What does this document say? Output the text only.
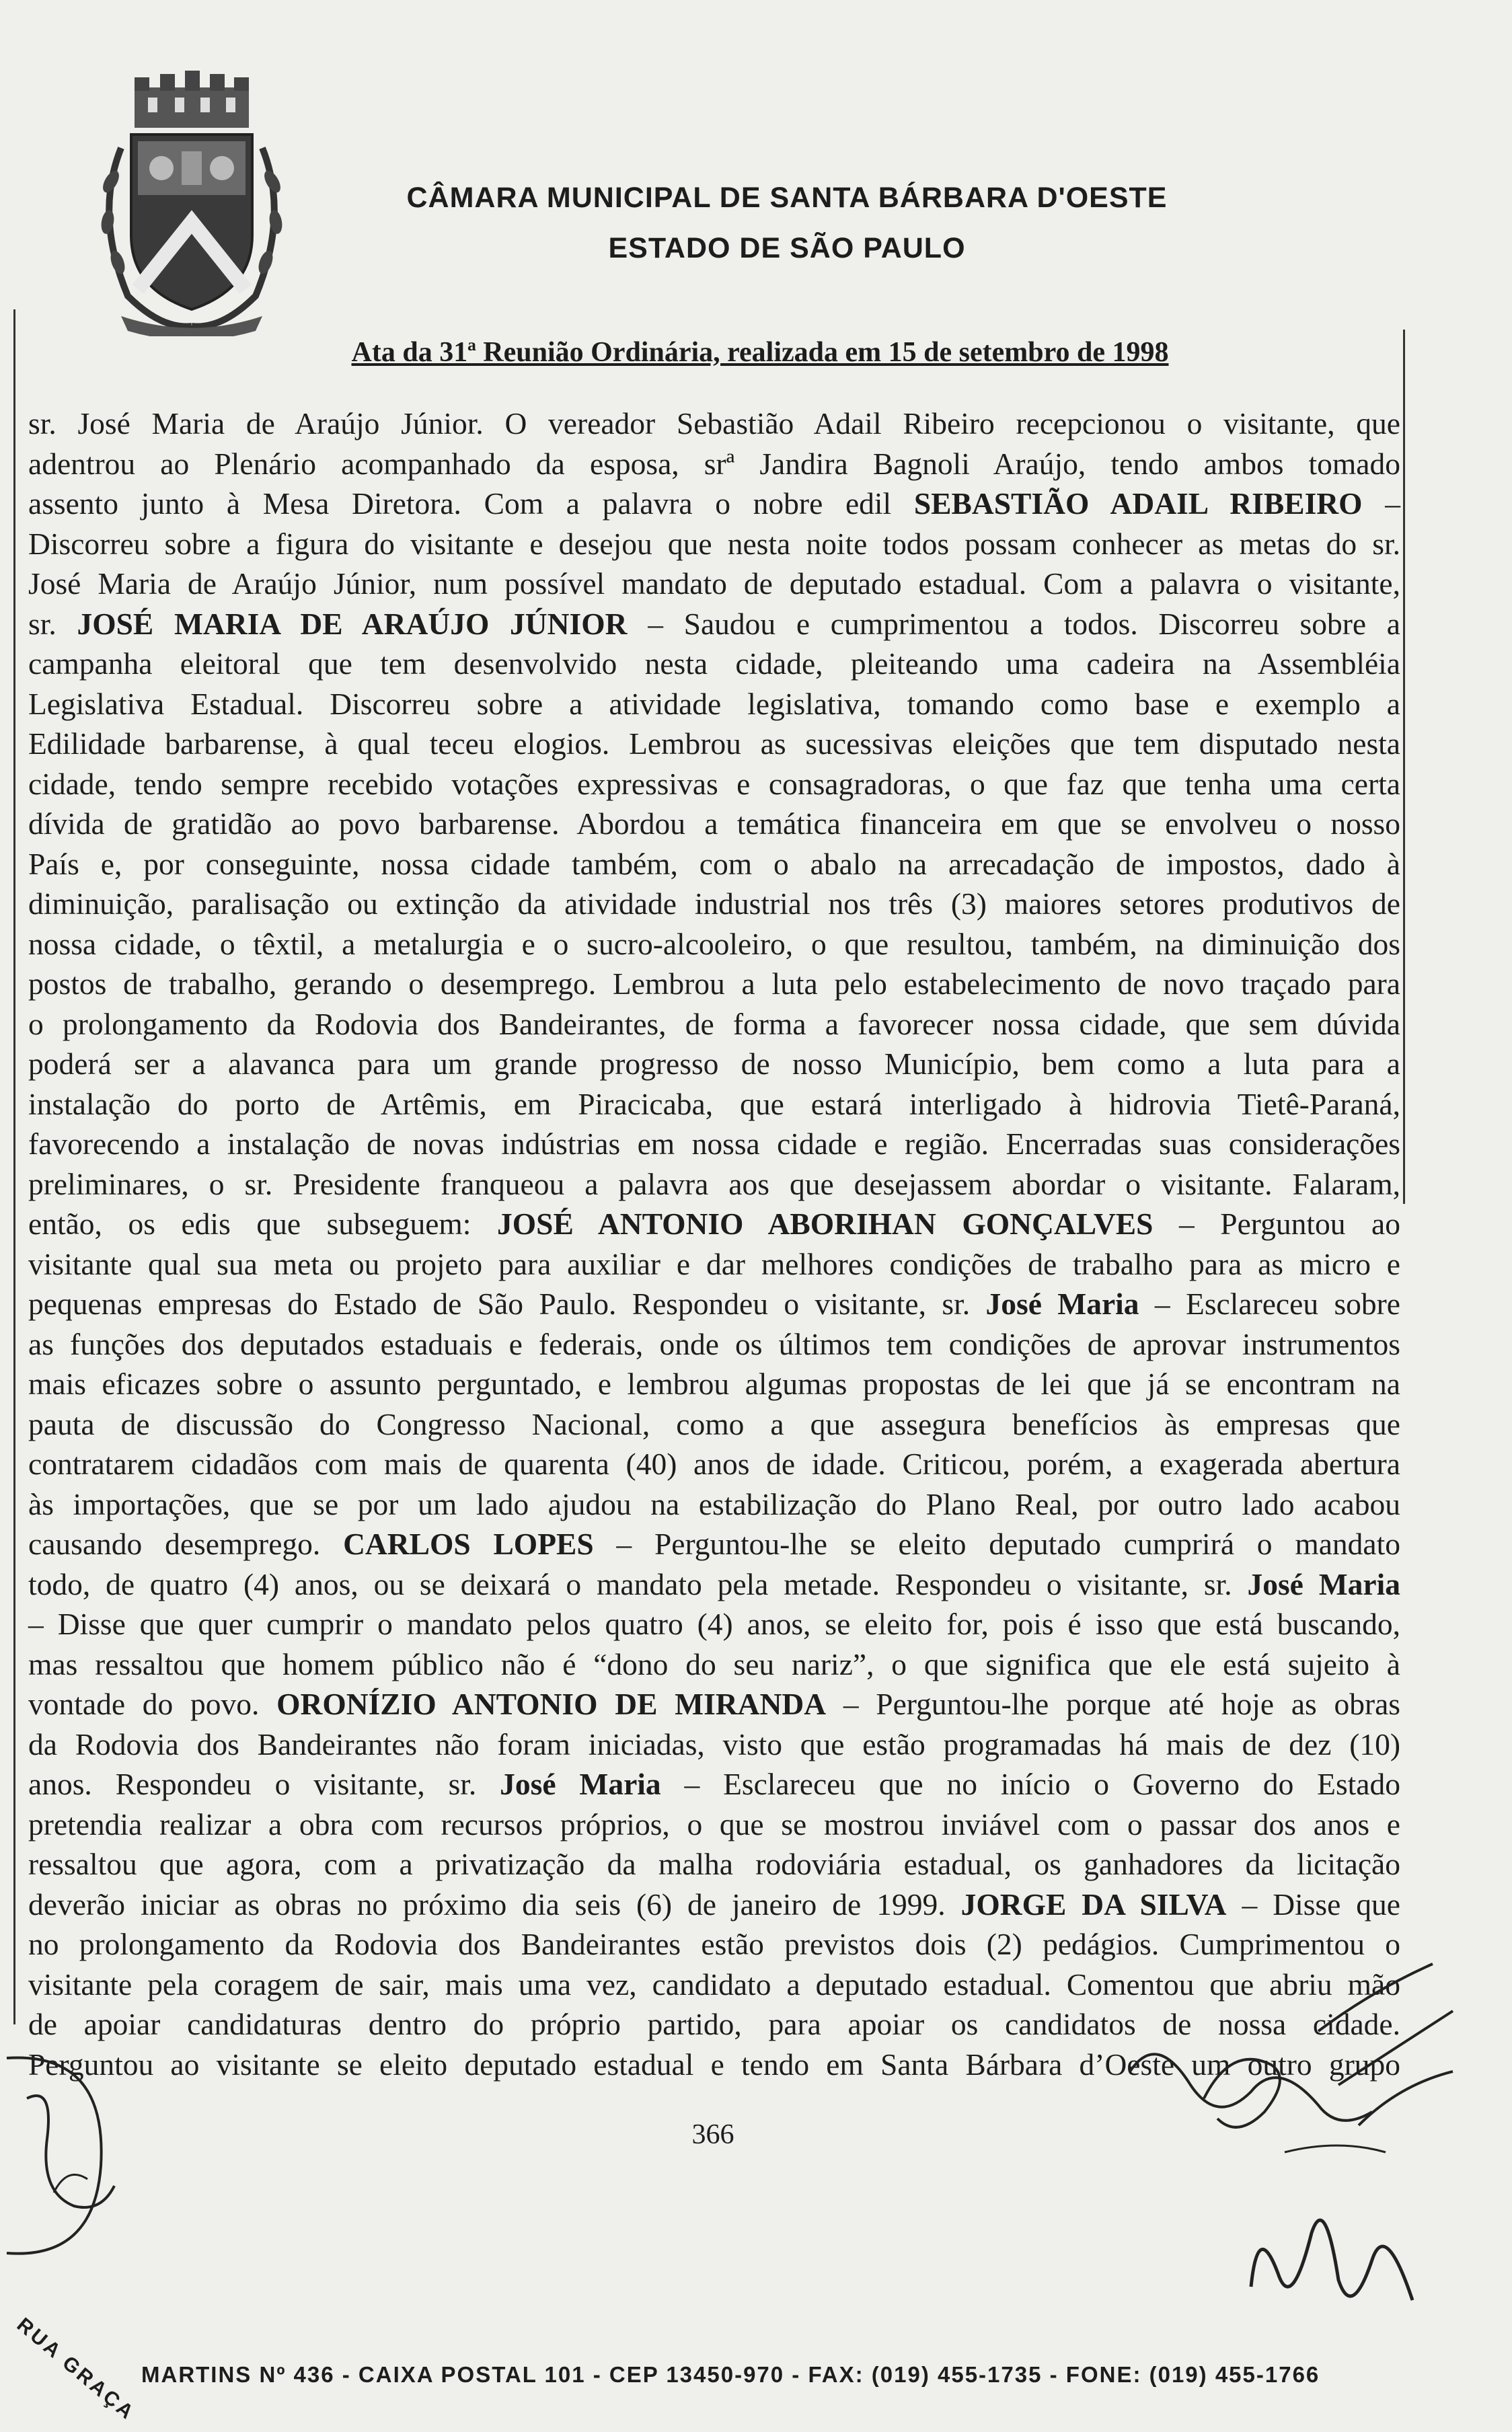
CÂMARA MUNICIPAL DE SANTA BÁRBARA D'OESTE
ESTADO DE SÃO PAULO
Ata da 31ª Reunião Ordinária, realizada em 15 de setembro de 1998
sr. José Maria de Araújo Júnior. O vereador Sebastião Adail Ribeiro recepcionou o visitante, que
adentrou ao Plenário acompanhado da esposa, srª Jandira Bagnoli Araújo, tendo ambos tomado
assento junto à Mesa Diretora. Com a palavra o nobre edil SEBASTIÃO ADAIL RIBEIRO –
Discorreu sobre a figura do visitante e desejou que nesta noite todos possam conhecer as metas do sr.
José Maria de Araújo Júnior, num possível mandato de deputado estadual. Com a palavra o visitante,
sr. JOSÉ MARIA DE ARAÚJO JÚNIOR – Saudou e cumprimentou a todos. Discorreu sobre a
campanha eleitoral que tem desenvolvido nesta cidade, pleiteando uma cadeira na Assembléia
Legislativa Estadual. Discorreu sobre a atividade legislativa, tomando como base e exemplo a
Edilidade barbarense, à qual teceu elogios. Lembrou as sucessivas eleições que tem disputado nesta
cidade, tendo sempre recebido votações expressivas e consagradoras, o que faz que tenha uma certa
dívida de gratidão ao povo barbarense. Abordou a temática financeira em que se envolveu o nosso
País e, por conseguinte, nossa cidade também, com o abalo na arrecadação de impostos, dado à
diminuição, paralisação ou extinção da atividade industrial nos três (3) maiores setores produtivos de
nossa cidade, o têxtil, a metalurgia e o sucro-alcooleiro, o que resultou, também, na diminuição dos
postos de trabalho, gerando o desemprego. Lembrou a luta pelo estabelecimento de novo traçado para
o prolongamento da Rodovia dos Bandeirantes, de forma a favorecer nossa cidade, que sem dúvida
poderá ser a alavanca para um grande progresso de nosso Município, bem como a luta para a
instalação do porto de Artêmis, em Piracicaba, que estará interligado à hidrovia Tietê-Paraná,
favorecendo a instalação de novas indústrias em nossa cidade e região. Encerradas suas considerações
preliminares, o sr. Presidente franqueou a palavra aos que desejassem abordar o visitante. Falaram,
então, os edis que subseguem: JOSÉ ANTONIO ABORIHAN GONÇALVES – Perguntou ao
visitante qual sua meta ou projeto para auxiliar e dar melhores condições de trabalho para as micro e
pequenas empresas do Estado de São Paulo. Respondeu o visitante, sr. José Maria – Esclareceu sobre
as funções dos deputados estaduais e federais, onde os últimos tem condições de aprovar instrumentos
mais eficazes sobre o assunto perguntado, e lembrou algumas propostas de lei que já se encontram na
pauta de discussão do Congresso Nacional, como a que assegura benefícios às empresas que
contratarem cidadãos com mais de quarenta (40) anos de idade. Criticou, porém, a exagerada abertura
às importações, que se por um lado ajudou na estabilização do Plano Real, por outro lado acabou
causando desemprego. CARLOS LOPES – Perguntou-lhe se eleito deputado cumprirá o mandato
todo, de quatro (4) anos, ou se deixará o mandato pela metade. Respondeu o visitante, sr. José Maria
– Disse que quer cumprir o mandato pelos quatro (4) anos, se eleito for, pois é isso que está buscando,
mas ressaltou que homem público não é “dono do seu nariz”, o que significa que ele está sujeito à
vontade do povo. ORONÍZIO ANTONIO DE MIRANDA – Perguntou-lhe porque até hoje as obras
da Rodovia dos Bandeirantes não foram iniciadas, visto que estão programadas há mais de dez (10)
anos. Respondeu o visitante, sr. José Maria – Esclareceu que no início o Governo do Estado
pretendia realizar a obra com recursos próprios, o que se mostrou inviável com o passar dos anos e
ressaltou que agora, com a privatização da malha rodoviária estadual, os ganhadores da licitação
deverão iniciar as obras no próximo dia seis (6) de janeiro de 1999. JORGE DA SILVA – Disse que
no prolongamento da Rodovia dos Bandeirantes estão previstos dois (2) pedágios. Cumprimentou o
visitante pela coragem de sair, mais uma vez, candidato a deputado estadual. Comentou que abriu mão
de apoiar candidaturas dentro do próprio partido, para apoiar os candidatos de nossa cidade.
Perguntou ao visitante se eleito deputado estadual e tendo em Santa Bárbara d’Oeste um outro grupo
366
RUA GRAÇA MARTINS Nº 436 - CAIXA POSTAL 101 - CEP 13450-970 - FAX: (019) 455-1735 - FONE: (019) 455-1766
